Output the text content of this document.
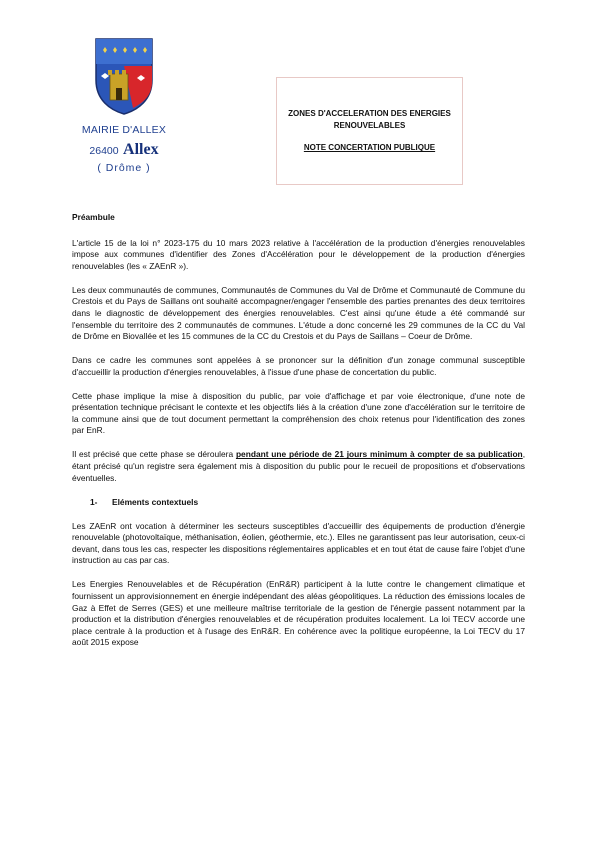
MAIRIE D'ALLEX
26400 Allex
( Drôme )
ZONES D'ACCELERATION DES ENERGIES RENOUVELABLES
NOTE CONCERTATION PUBLIQUE

Préambule

L'article 15 de la loi n° 2023-175 du 10 mars 2023 relative à l'accélération de la production d'énergies renouvelables impose aux communes d'identifier des Zones d'Accélération pour le développement de la production d'énergies renouvelables (les « ZAEnR »).

Les deux communautés de communes, Communautés de Communes du Val de Drôme et Communauté de Commune du Crestois et du Pays de Saillans ont souhaité accompagner/engager l'ensemble des parties prenantes des deux territoires dans le diagnostic de développement des énergies renouvelables. C'est ainsi qu'une étude a été commandé sur l'ensemble du territoire des 2 communautés de communes. L'étude a donc concerné les 29 communes de la CC du Val de Drôme en Biovallée et les 15 communes de la CC du Crestois et du Pays de Saillans – Coeur de Drôme.

Dans ce cadre les communes sont appelées à se prononcer sur la définition d'un zonage communal susceptible d'accueillir la production d'énergies renouvelables, à l'issue d'une phase de concertation du public.

Cette phase implique la mise à disposition du public, par voie d'affichage et par voie électronique, d'une note de présentation technique précisant le contexte et les objectifs liés à la création d'une zone d'accélération sur le territoire de la commune ainsi que de tout document permettant la compréhension des choix retenus pour l'identification des zones par EnR.

Il est précisé que cette phase se déroulera pendant une période de 21 jours minimum à compter de sa publication, étant précisé qu'un registre sera également mis à disposition du public pour le recueil de propositions et d'observations éventuelles.

1- Eléments contextuels

Les ZAEnR ont vocation à déterminer les secteurs susceptibles d'accueillir des équipements de production d'énergie renouvelable (photovoltaïque, méthanisation, éolien, géothermie, etc.). Elles ne garantissent pas leur autorisation, ceux-ci devant, dans tous les cas, respecter les dispositions réglementaires applicables et en tout état de cause faire l'objet d'une instruction au cas par cas.

Les Energies Renouvelables et de Récupération (EnR&R) participent à la lutte contre le changement climatique et fournissent un approvisionnement en énergie indépendant des aléas géopolitiques. La réduction des émissions locales de Gaz à Effet de Serres (GES) et une meilleure maîtrise territoriale de la gestion de l'énergie passent notamment par la production et la distribution d'énergies renouvelables et de récupération produites localement. La loi TECV accorde une place centrale à la production et à l'usage des EnR&R. En cohérence avec la politique européenne, la Loi TECV du 17 août 2015 expose
